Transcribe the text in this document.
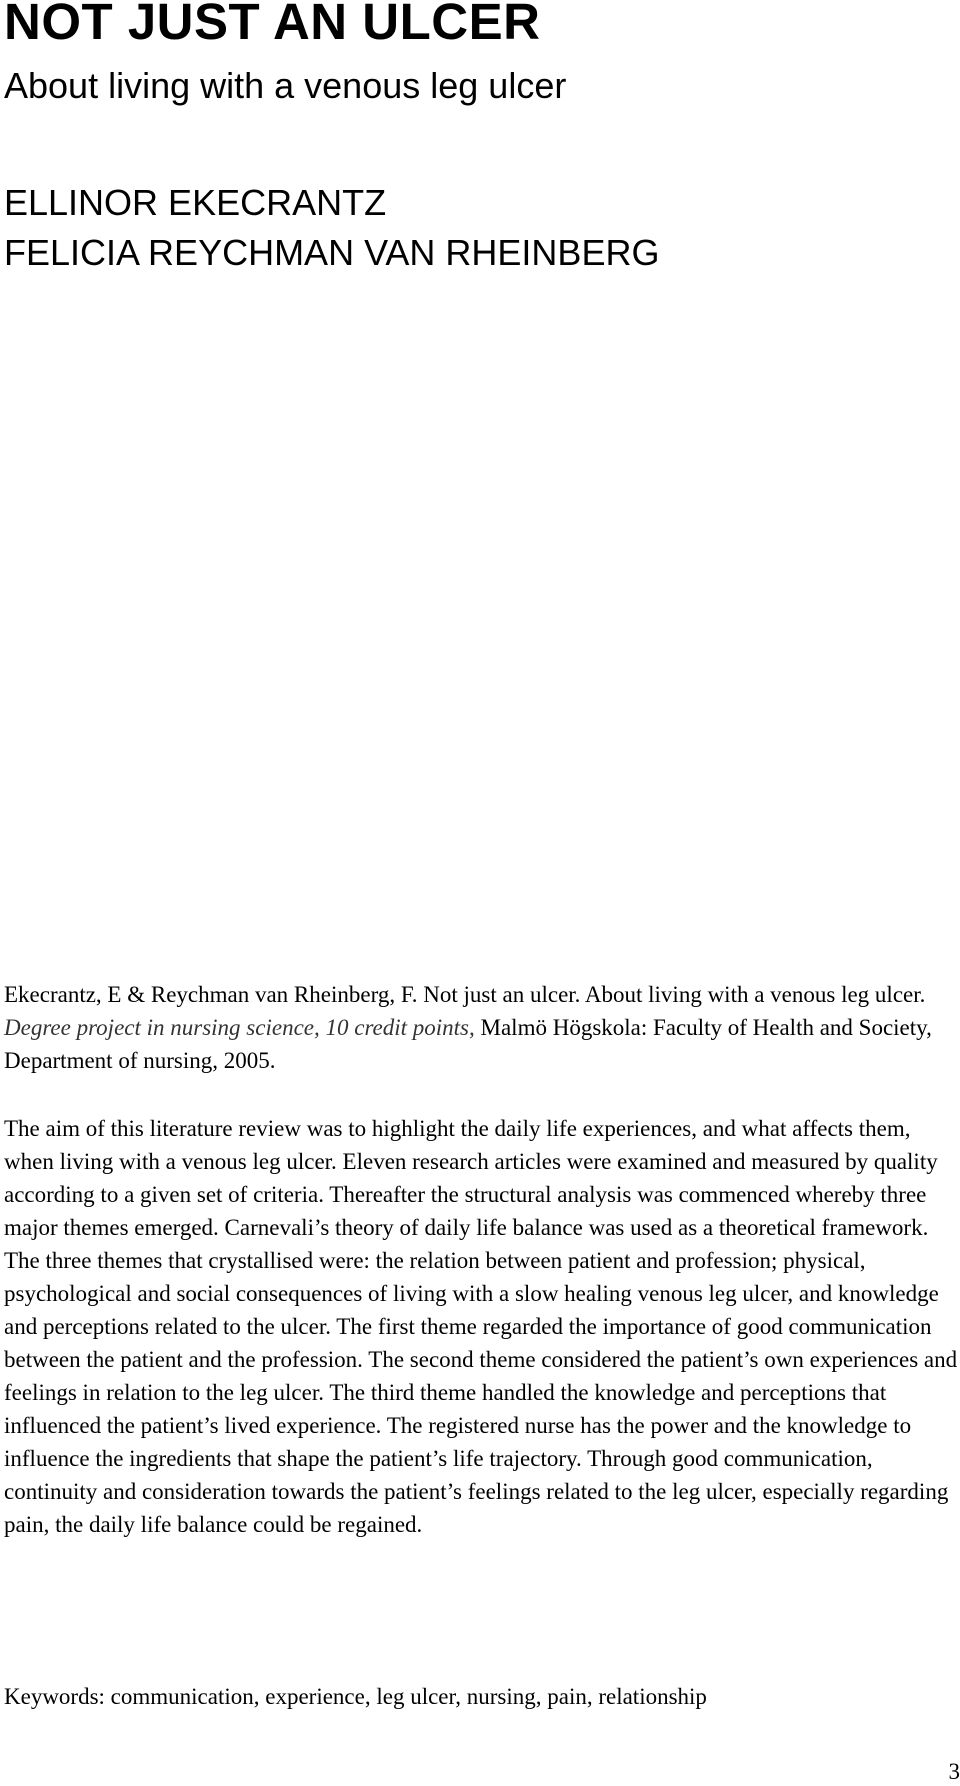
NOT JUST AN ULCER
About living with a venous leg ulcer
ELLINOR EKECRANTZ
FELICIA REYCHMAN VAN RHEINBERG

Ekecrantz, E & Reychman van Rheinberg, F. Not just an ulcer. About living with a venous leg ulcer. Degree project in nursing science, 10 credit points, Malmö Högskola: Faculty of Health and Society, Department of nursing, 2005.

The aim of this literature review was to highlight the daily life experiences, and what affects them, when living with a venous leg ulcer. Eleven research articles were examined and measured by quality according to a given set of criteria. Thereafter the structural analysis was commenced whereby three major themes emerged. Carnevali’s theory of daily life balance was used as a theoretical framework. The three themes that crystallised were: the relation between patient and profession; physical, psychological and social consequences of living with a slow healing venous leg ulcer, and knowledge and perceptions related to the ulcer. The first theme regarded the importance of good communication between the patient and the profession. The second theme considered the patient’s own experiences and feelings in relation to the leg ulcer. The third theme handled the knowledge and perceptions that influenced the patient’s lived experience. The registered nurse has the power and the knowledge to influence the ingredients that shape the patient’s life trajectory. Through good communication, continuity and consideration towards the patient’s feelings related to the leg ulcer, especially regarding pain, the daily life balance could be regained.

Keywords: communication, experience, leg ulcer, nursing, pain, relationship

3
